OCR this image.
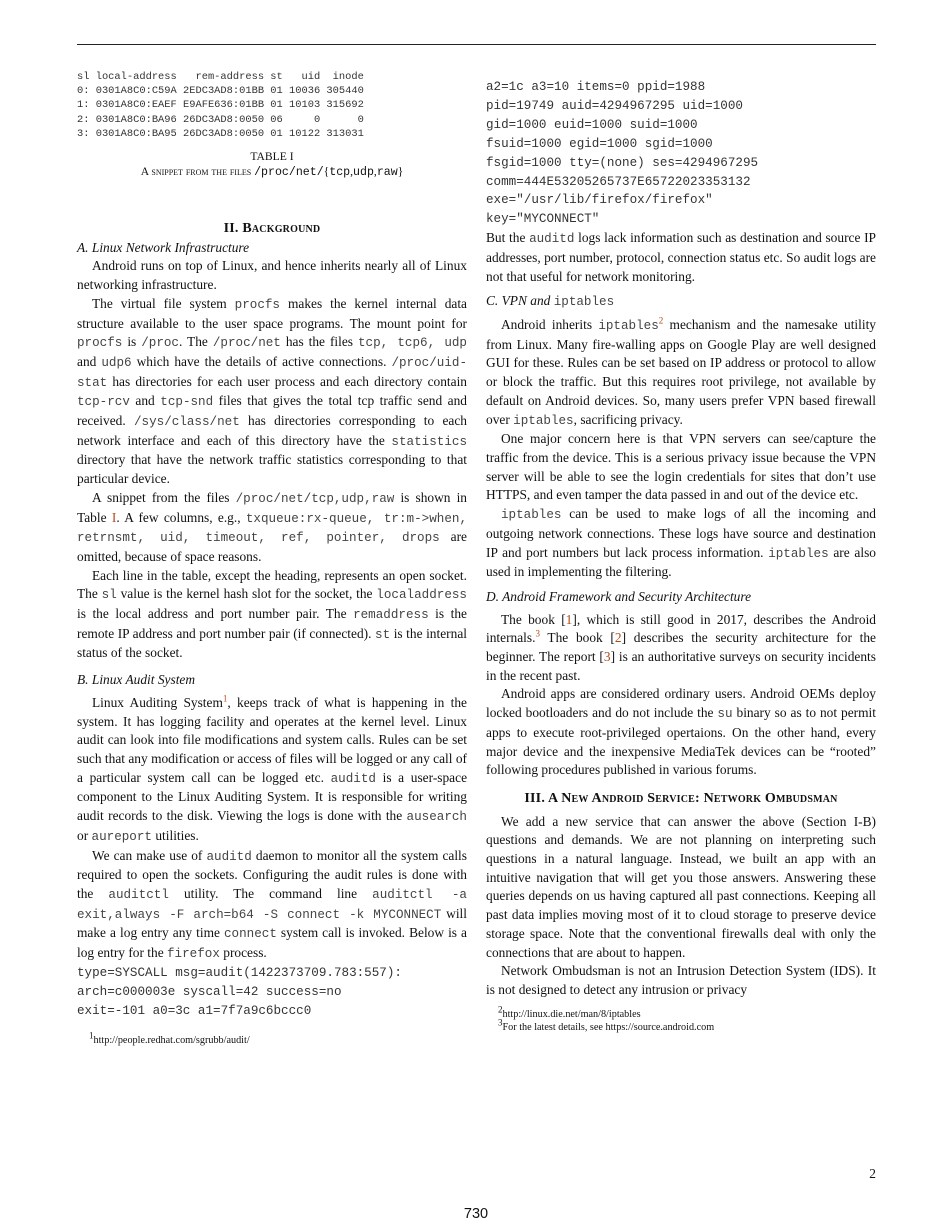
sl local-address   rem-address st   uid  inode
0: 0301A8C0:C59A 2EDC3AD8:01BB 01 10036 305440
1: 0301A8C0:EAEF E9AFE636:01BB 01 10103 315692
2: 0301A8C0:BA96 26DC3AD8:0050 06     0      0
3: 0301A8C0:BA95 26DC3AD8:0050 01 10122 313031
TABLE I
A snippet from the files /proc/net/{tcp,udp,raw}
II. Background
A. Linux Network Infrastructure

Android runs on top of Linux, and hence inherits nearly all of Linux networking infrastructure.

The virtual file system procfs makes the kernel internal data structure available to the user space programs. The mount point for procfs is /proc. The /proc/net has the files tcp, tcp6, udp and udp6 which have the details of active connections. /proc/uid-stat has directories for each user process and each directory contain tcp-rcv and tcp-snd files that gives the total tcp traffic send and received. /sys/class/net has directories corresponding to each network interface and each of this directory have the statistics directory that have the network traffic statistics corresponding to that particular device.

A snippet from the files /proc/net/tcp,udp,raw is shown in Table I. A few columns, e.g., txqueue:rx-queue, tr:m->when, retrnsmt, uid, timeout, ref, pointer, drops are omitted, because of space reasons.

Each line in the table, except the heading, represents an open socket. The sl value is the kernel hash slot for the socket, the localaddress is the local address and port number pair. The remaddress is the remote IP address and port number pair (if connected). st is the internal status of the socket.

B. Linux Audit System

Linux Auditing System$^1$, keeps track of what is happening in the system. It has logging facility and operates at the kernel level. Linux audit can look into file modifications and system calls. Rules can be set such that any modification or access of files will be logged or any call of a particular system call can be logged etc. auditd is a user-space component to the Linux Auditing System. It is responsible for writing audit records to the disk. Viewing the logs is done with the ausearch or aureport utilities.

We can make use of auditd daemon to monitor all the system calls required to open the sockets. Configuring the audit rules is done with the auditctl utility. The command line auditctl -a exit,always -F arch=b64 -S connect -k MYCONNECT will make a log entry any time connect system call is invoked. Below is a log entry for the firefox process.

type=SYSCALL msg=audit(1422373709.783:557):
arch=c000003e syscall=42 success=no
exit=-101 a0=3c a1=7f7a9c6bccc0
$^1$http://people.redhat.com/sgrubb/audit/
a2=1c a3=10 items=0 ppid=1988
pid=19749 auid=4294967295 uid=1000
gid=1000 euid=1000 suid=1000
fsuid=1000 egid=1000 sgid=1000
fsgid=1000 tty=(none) ses=4294967295
comm=444E53205265737E65722023353132
exe="/usr/lib/firefox/firefox"
key="MYCONNECT"

But the auditd logs lack information such as destination and source IP addresses, port number, protocol, connection status etc. So audit logs are not that useful for network monitoring.

C. VPN and iptables

Android inherits iptables$^2$ mechanism and the namesake utility from Linux. Many fire-walling apps on Google Play are well designed GUI for these. Rules can be set based on IP address or protocol to allow or block the traffic. But this requires root privilege, not available by default on Android devices. So, many users prefer VPN based firewall over iptables, sacrificing privacy.

One major concern here is that VPN servers can see/capture the traffic from the device. This is a serious privacy issue because the VPN server will be able to see the login credentials for sites that don’t use HTTPS, and even tamper the data passed in and out of the device etc.

iptables can be used to make logs of all the incoming and outgoing network connections. These logs have source and destination IP and port numbers but lack process information. iptables are also used in implementing the filtering.

D. Android Framework and Security Architecture

The book [1], which is still good in 2017, describes the Android internals.$^3$ The book [2] describes the security architecture for the beginner. The report [3] is an authoritative surveys on security incidents in the recent past.

Android apps are considered ordinary users. Android OEMs deploy locked bootloaders and do not include the su binary so as to not permit apps to execute root-privileged opertaions. On the other hand, every major device and the inexpensive MediaTek devices can be “rooted” following procedures published in various forums.

III. A New Android Service: Network Ombudsman

We add a new service that can answer the above (Section I-B) questions and demands. We are not planning on interpreting such questions in a natural language. Instead, we built an app with an intuitive navigation that will get you those answers. Answering these queries depends on us having captured all past connections. Keeping all past data implies moving most of it to cloud storage to preserve device storage space. Note that the conventional firewalls deal with only the connections that are about to happen.

Network Ombudsman is not an Intrusion Detection System (IDS). It is not designed to detect any intrusion or privacy

$^2$http://linux.die.net/man/8/iptables
$^3$For the latest details, see https://source.android.com
2
730
